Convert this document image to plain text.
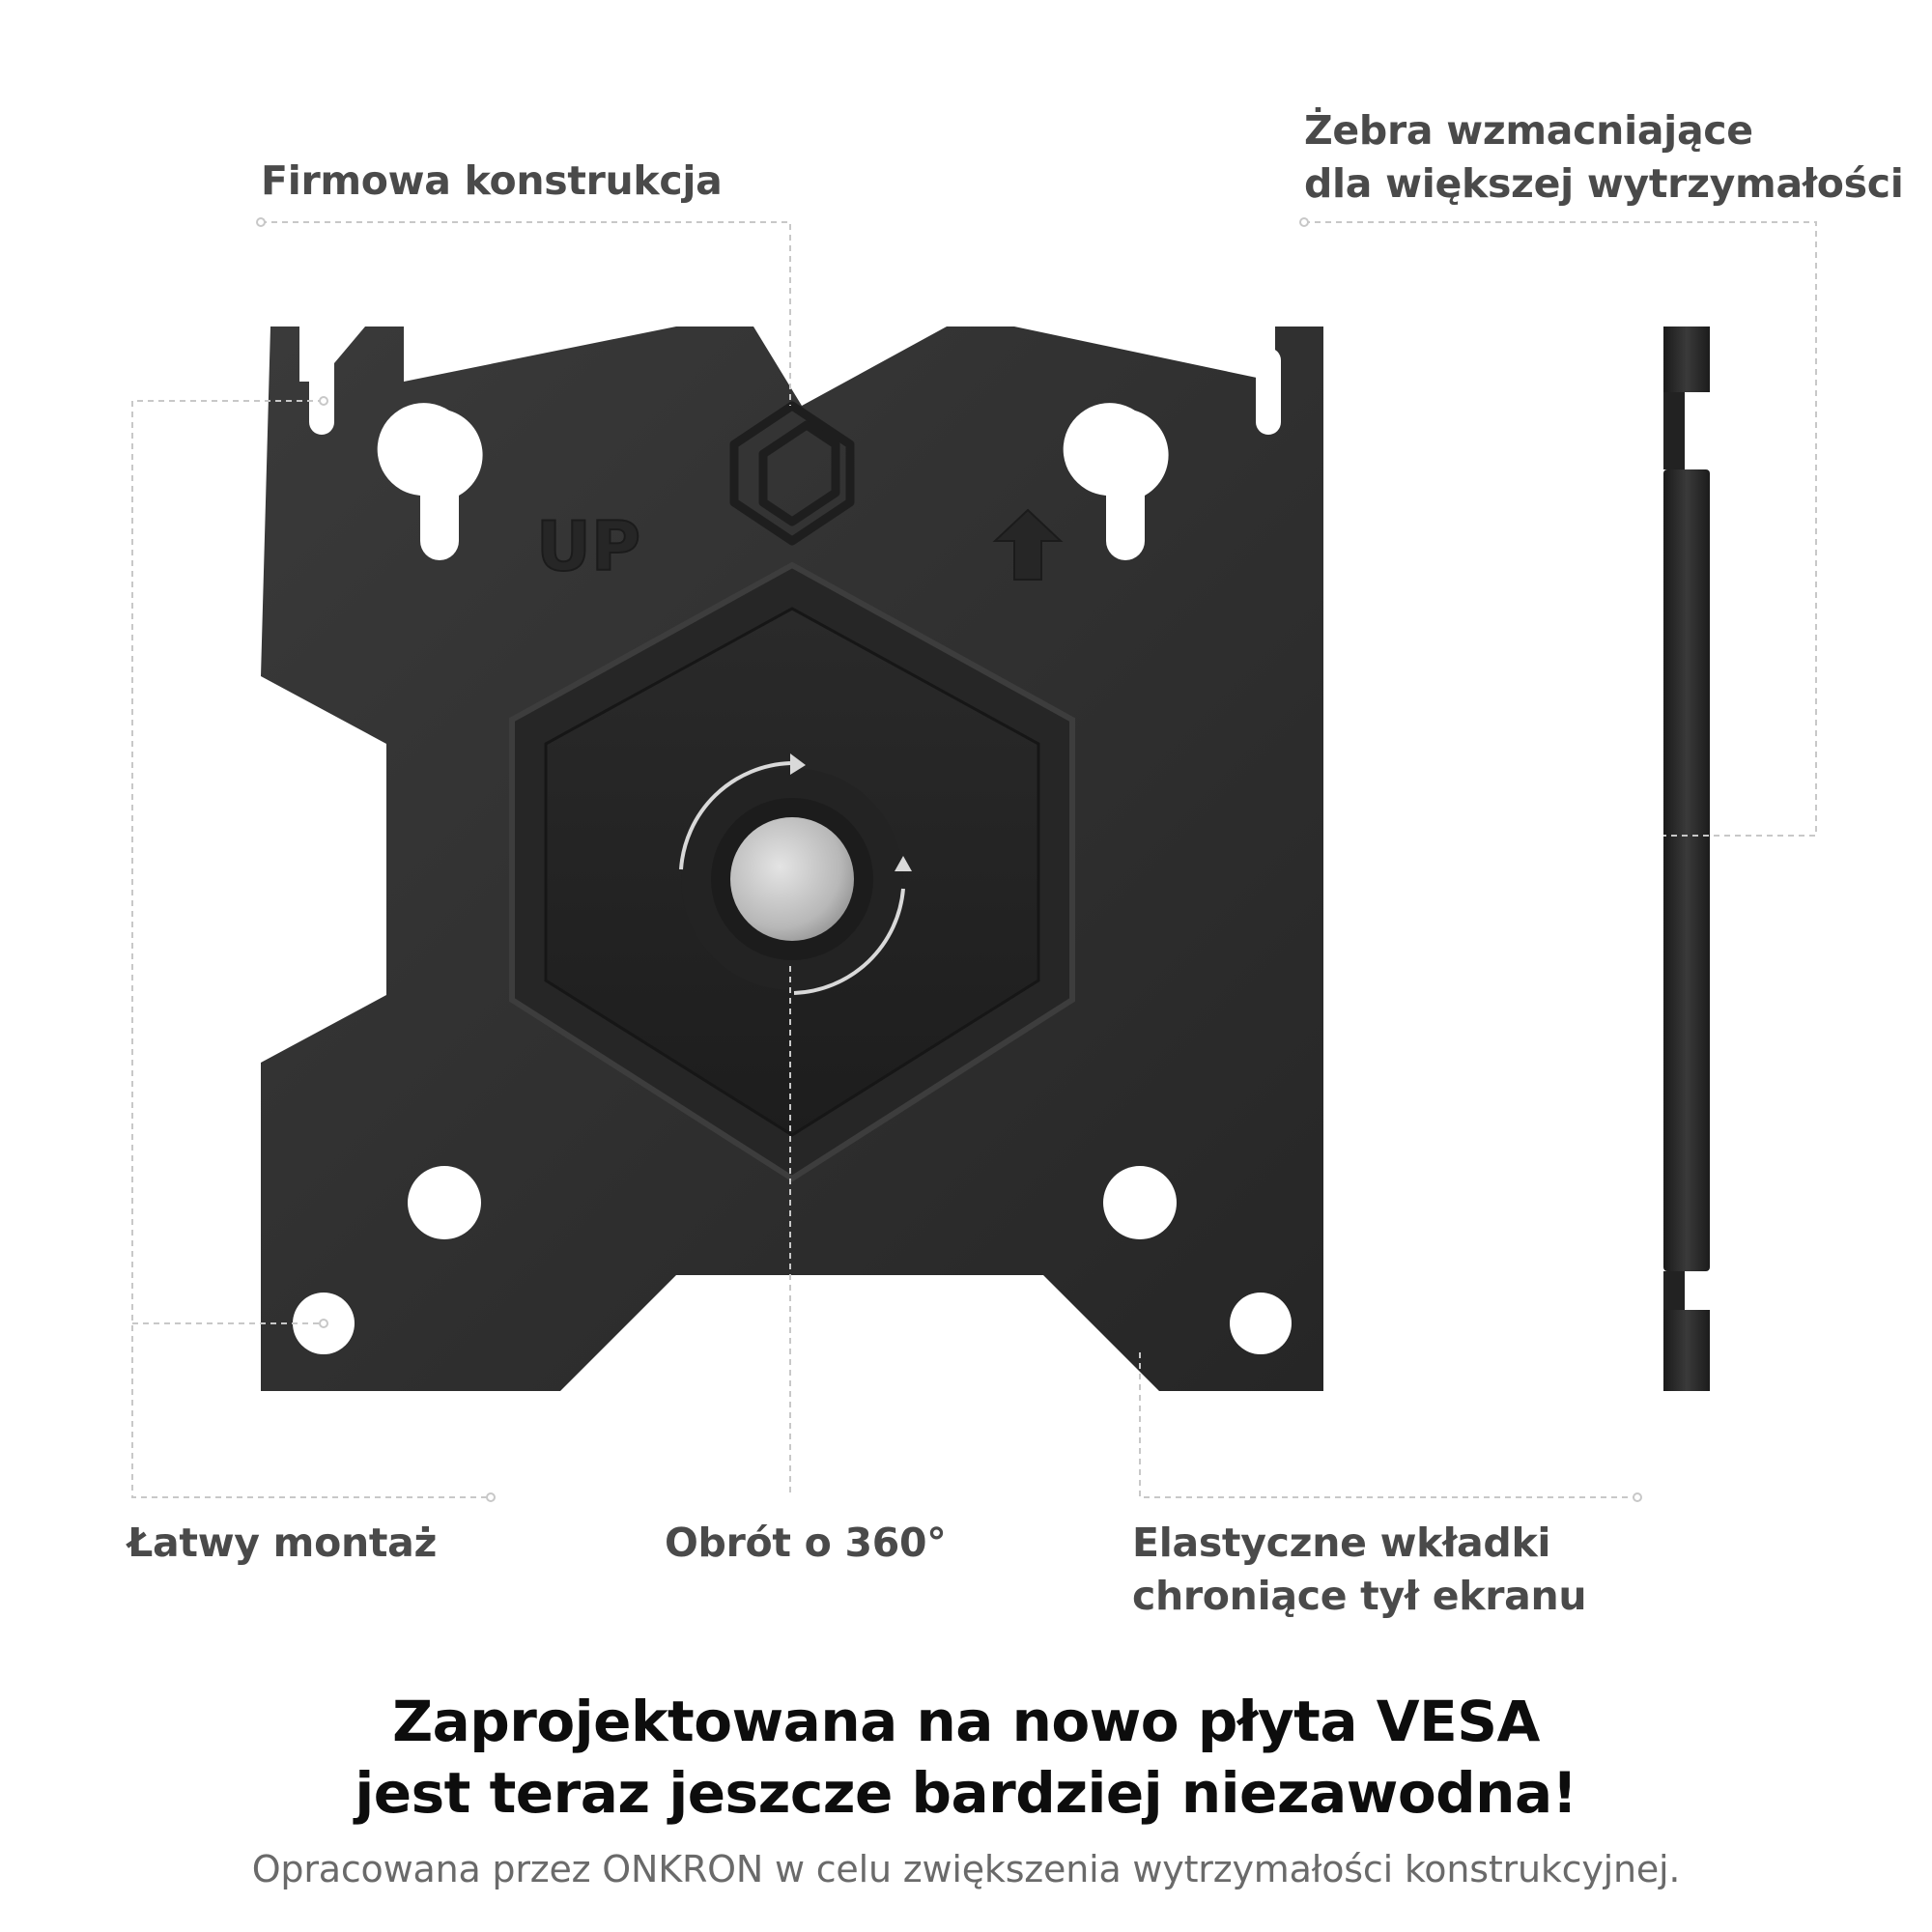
UP
Firmowa konstrukcja
Żebra wzmacniające
dla większej wytrzymałości
Łatwy montaż	Obrót o 360°	Elastyczne wkładki
chroniące tył ekranu
Zaprojektowana na nowo płyta VESA
jest teraz jeszcze bardziej niezawodna!
Opracowana przez ONKRON w celu zwiększenia wytrzymałości konstrukcyjnej.
